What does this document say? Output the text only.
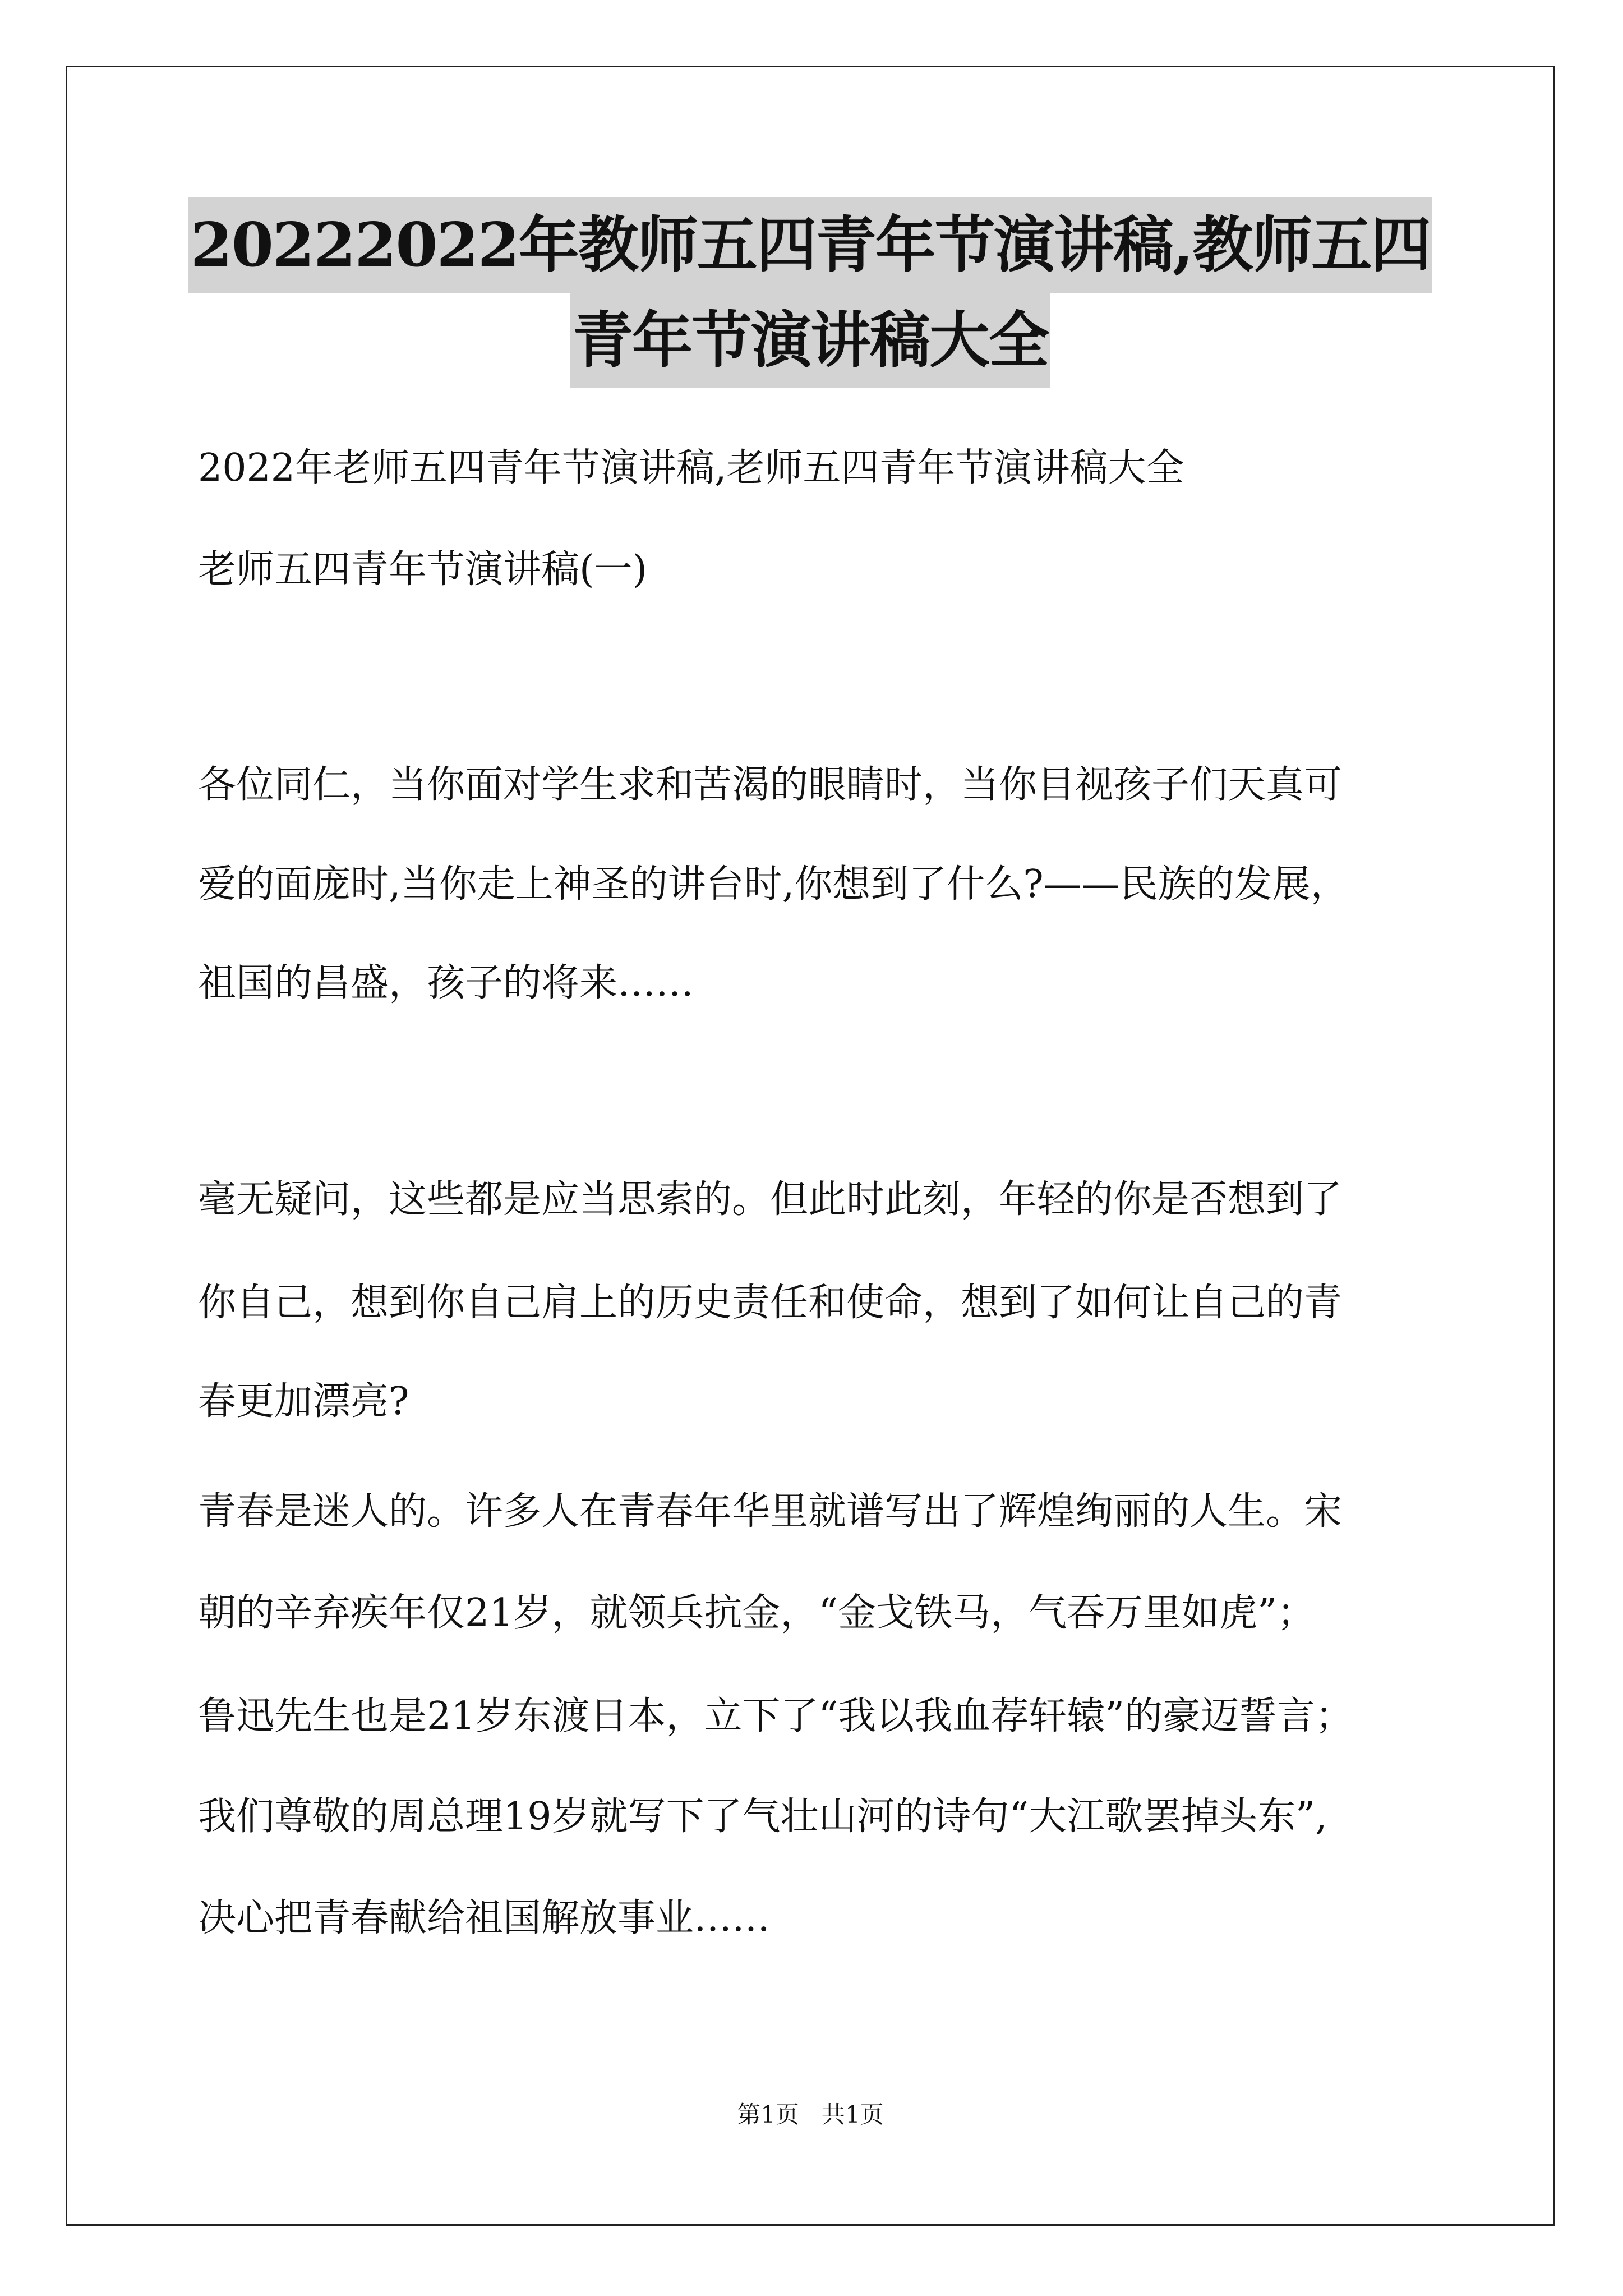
20222022年教师五四青年节演讲稿,教师五四
青年节演讲稿大全
2022年老师五四青年节演讲稿,老师五四青年节演讲稿大全
老师五四青年节演讲稿(一)
各位同仁，当你面对学生求和苦渴的眼睛时，当你目视孩子们天真可
爱的面庞时,当你走上神圣的讲台时,你想到了什么?——民族的发展，
祖国的昌盛，孩子的将来……
毫无疑问，这些都是应当思索的。但此时此刻，年轻的你是否想到了
你自己，想到你自己肩上的历史责任和使命，想到了如何让自己的青
春更加漂亮?
青春是迷人的。许多人在青春年华里就谱写出了辉煌绚丽的人生。宋
朝的辛弃疾年仅21岁，就领兵抗金，“金戈铁马，气吞万里如虎”；
鲁迅先生也是21岁东渡日本，立下了“我以我血荐轩辕”的豪迈誓言；
我们尊敬的周总理19岁就写下了气壮山河的诗句“大江歌罢掉头东”,
决心把青春献给祖国解放事业……
第1页   共1页
